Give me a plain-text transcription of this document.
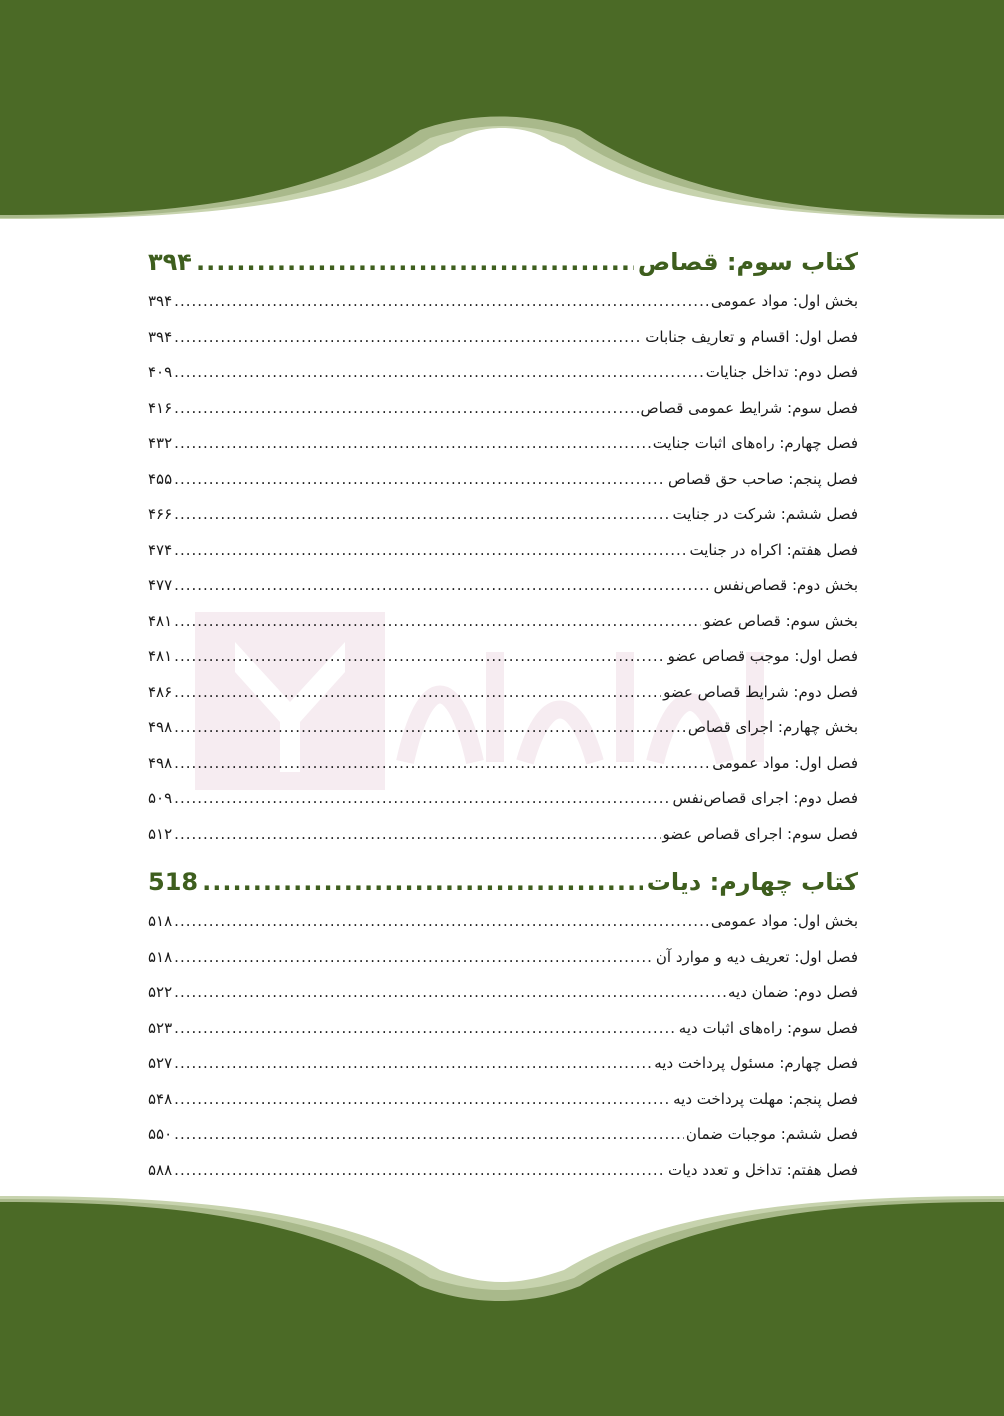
کتاب سوم: قصاص
.....
۳۹۴
بخش اول: مواد عمومی
.....
۳۹۴
فصل اول: اقسام و تعاریف جنابات
.....
۳۹۴
فصل دوم: تداخل جنایات
.....
۴۰۹
فصل سوم: شرایط عمومی قصاص
.....
۴۱۶
فصل چهارم: راه‌های اثبات جنایت
.....
۴۳۲
فصل پنجم: صاحب حق قصاص
.....
۴۵۵
فصل ششم: شرکت در جنایت
.....
۴۶۶
فصل هفتم: اکراه در جنایت
.....
۴۷۴
بخش دوم: قصاص‌نفس
.....
۴۷۷
بخش سوم: قصاص عضو
.....
۴۸۱
فصل اول: موجب قصاص عضو
.....
۴۸۱
فصل دوم: شرایط قصاص عضو
.....
۴۸۶
بخش چهارم: اجرای قصاص
.....
۴۹۸
فصل اول: مواد عمومی
.....
۴۹۸
فصل دوم: اجرای قصاص‌نفس
.....
۵۰۹
فصل سوم: اجرای قصاص عضو
.....
۵۱۲
کتاب چهارم: دیات
.....
518
بخش اول: مواد عمومی
.....
۵۱۸
فصل اول: تعریف دیه و موارد آن
.....
۵۱۸
فصل دوم: ضمان دیه
.....
۵۲۲
فصل سوم: راه‌های اثبات دیه
.....
۵۲۳
فصل چهارم: مسئول پرداخت دیه
.....
۵۲۷
فصل پنجم: مهلت پرداخت دیه
.....
۵۴۸
فصل ششم: موجبات ضمان
.....
۵۵۰
فصل هفتم: تداخل و تعدد دیات
.....
۵۸۸
